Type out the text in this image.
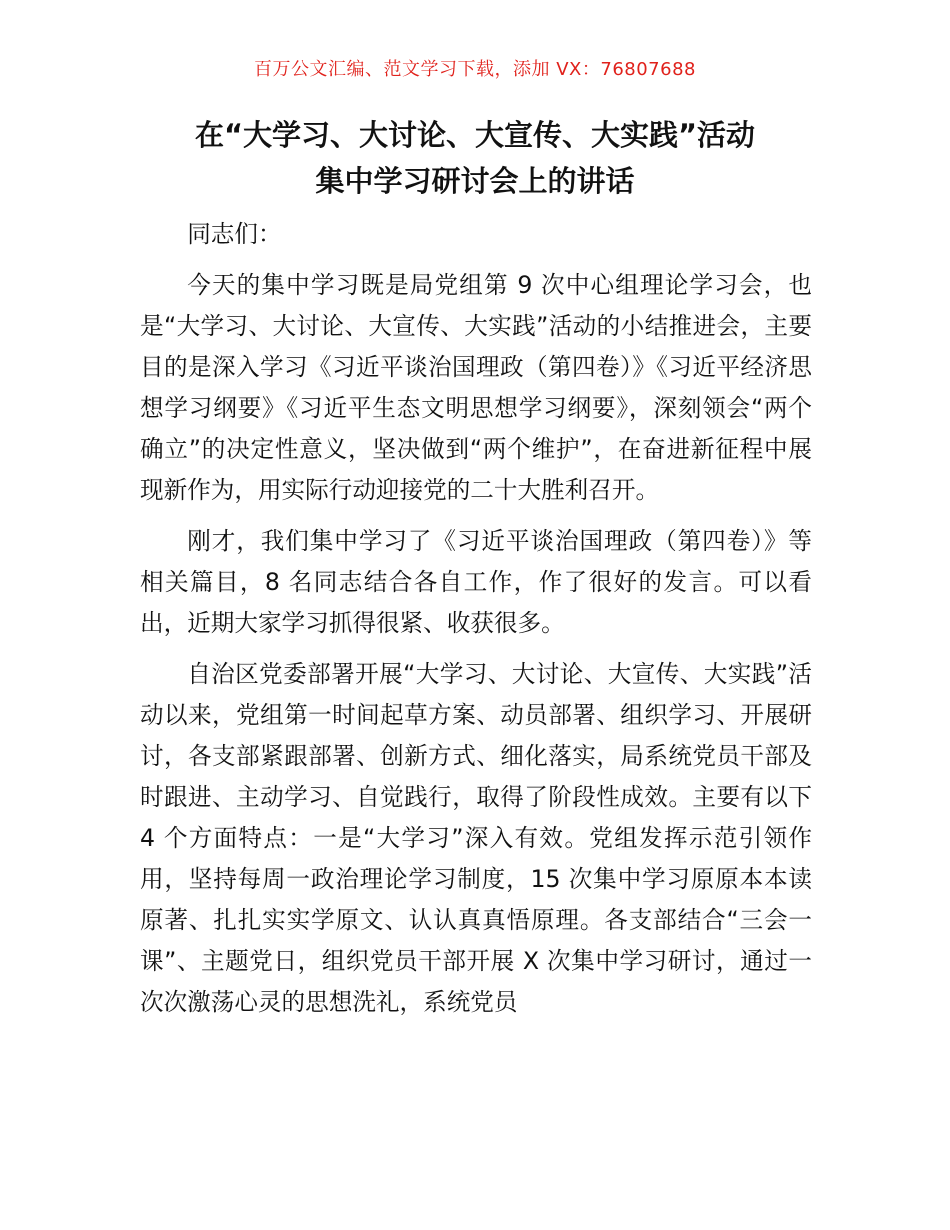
百万公文汇编、范文学习下载，添加 VX：76807688
在“大学习、大讨论、大宣传、大实践”活动
集中学习研讨会上的讲话

同志们：

今天的集中学习既是局党组第 9 次中心组理论学习会，也是“大学习、大讨论、大宣传、大实践”活动的小结推进会，主要目的是深入学习《习近平谈治国理政（第四卷）》《习近平经济思想学习纲要》《习近平生态文明思想学习纲要》，深刻领会“两个确立”的决定性意义，坚决做到“两个维护”，在奋进新征程中展现新作为，用实际行动迎接党的二十大胜利召开。

刚才，我们集中学习了《习近平谈治国理政（第四卷）》等相关篇目，8 名同志结合各自工作，作了很好的发言。可以看出，近期大家学习抓得很紧、收获很多。

自治区党委部署开展“大学习、大讨论、大宣传、大实践”活动以来，党组第一时间起草方案、动员部署、组织学习、开展研讨，各支部紧跟部署、创新方式、细化落实，局系统党员干部及时跟进、主动学习、自觉践行，取得了阶段性成效。主要有以下 4 个方面特点：一是“大学习”深入有效。党组发挥示范引领作用，坚持每周一政治理论学习制度，15 次集中学习原原本本读原著、扎扎实实学原文、认认真真悟原理。各支部结合“三会一课”、主题党日，组织党员干部开展 X 次集中学习研讨，通过一次次激荡心灵的思想洗礼，系统党员
